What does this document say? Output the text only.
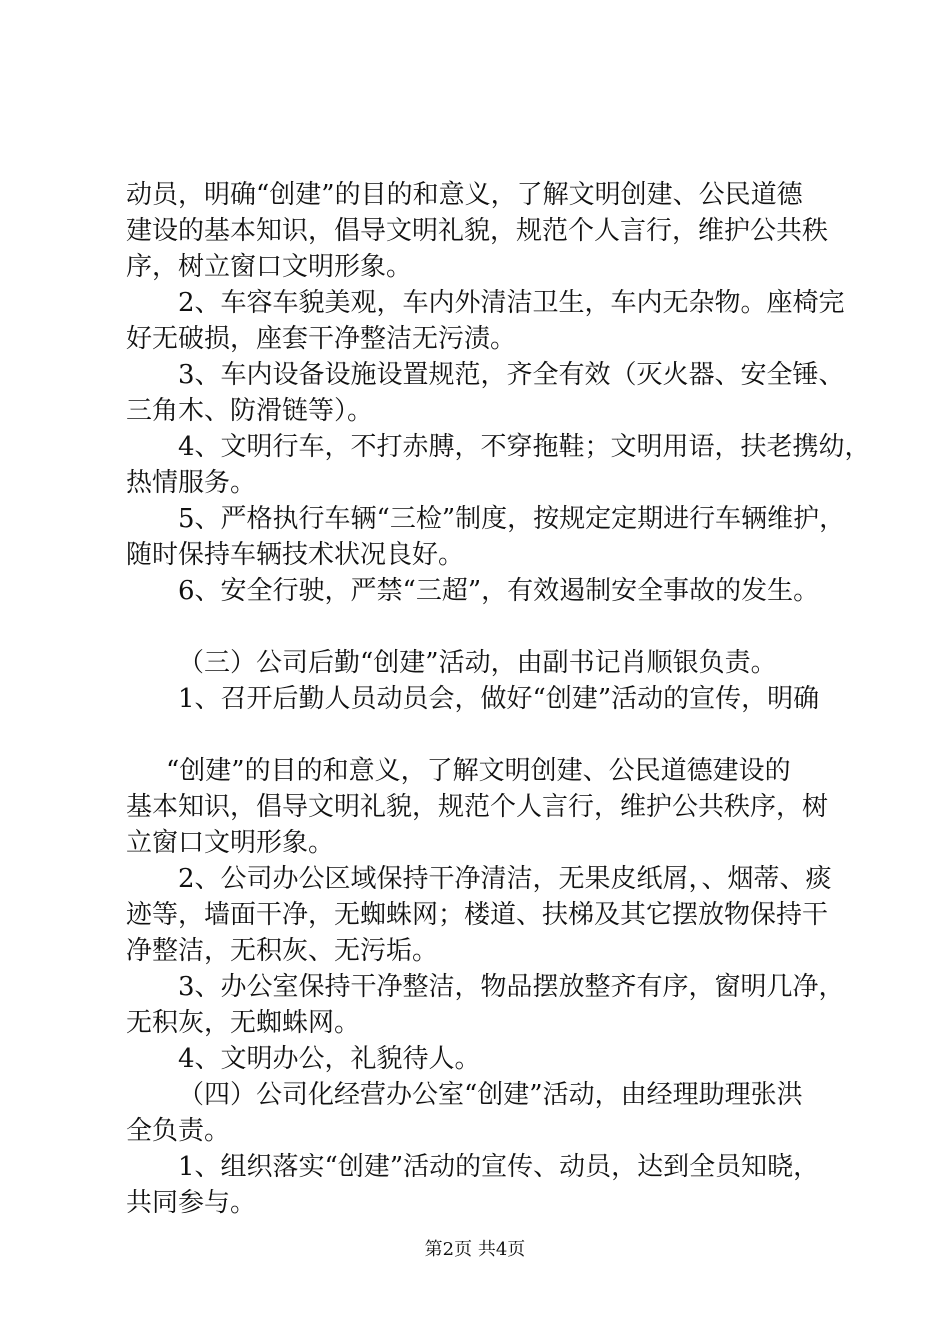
动员，明确“创建”的目的和意义，了解文明创建、公民道德
建设的基本知识，倡导文明礼貌，规范个人言行，维护公共秩
序，树立窗口文明形象。
2、车容车貌美观，车内外清洁卫生，车内无杂物。座椅完
好无破损，座套干净整洁无污渍。
3、车内设备设施设置规范，齐全有效（灭火器、安全锤、
三角木、防滑链等）。
4、文明行车，不打赤膊，不穿拖鞋；文明用语，扶老携幼，
热情服务。
5、严格执行车辆“三检”制度，按规定定期进行车辆维护，
随时保持车辆技术状况良好。
6、安全行驶，严禁“三超”，有效遏制安全事故的发生。
（三）公司后勤“创建”活动，由副书记肖顺银负责。
1、召开后勤人员动员会，做好“创建”活动的宣传，明确
“创建”的目的和意义，了解文明创建、公民道德建设的
基本知识，倡导文明礼貌，规范个人言行，维护公共秩序，树
立窗口文明形象。
2、公司办公区域保持干净清洁，无果皮纸屑，、烟蒂、痰
迹等，墙面干净，无蜘蛛网；楼道、扶梯及其它摆放物保持干
净整洁，无积灰、无污垢。
3、办公室保持干净整洁，物品摆放整齐有序，窗明几净，
无积灰，无蜘蛛网。
4、文明办公，礼貌待人。
（四）公司化经营办公室“创建”活动，由经理助理张洪
全负责。
1、组织落实“创建”活动的宣传、动员，达到全员知晓，
共同参与。
第2页 共4页
